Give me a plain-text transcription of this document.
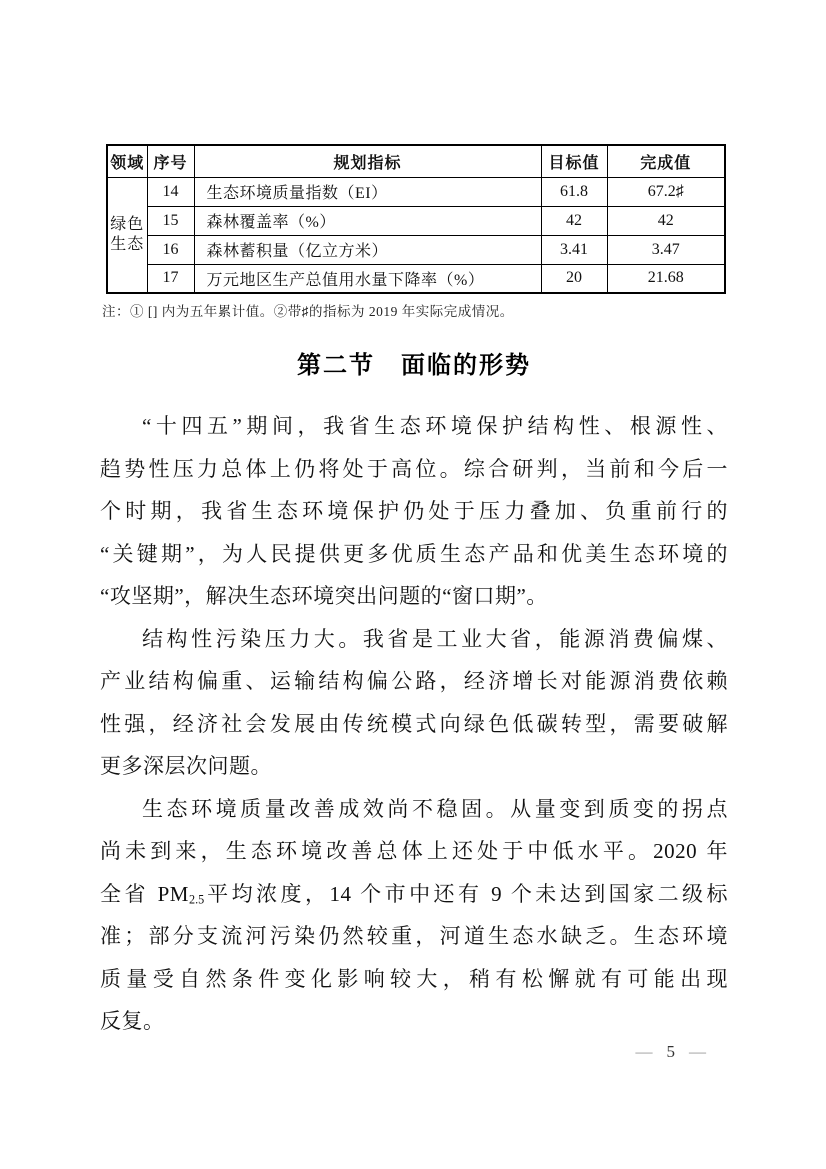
领域	序号	规划指标	目标值	完成值

绿色
生态	14	生态环境质量指数（EI）	61.8	67.2♯
	15	森林覆盖率（%）	42	42
	16	森林蓄积量（亿立方米）	3.41	3.47
	17	万元地区生产总值用水量下降率（%）	20	21.68
注：① [] 内为五年累计值。②带♯的指标为 2019 年实际完成情况。
第二节　面临的形势
“十四五”期间，我省生态环境保护结构性、根源性、
趋势性压力总体上仍将处于高位。综合研判，当前和今后一
个时期，我省生态环境保护仍处于压力叠加、负重前行的
“关键期”，为人民提供更多优质生态产品和优美生态环境的
“攻坚期”，解决生态环境突出问题的“窗口期”。
结构性污染压力大。我省是工业大省，能源消费偏煤、
产业结构偏重、运输结构偏公路，经济增长对能源消费依赖
性强，经济社会发展由传统模式向绿色低碳转型，需要破解
更多深层次问题。
生态环境质量改善成效尚不稳固。从量变到质变的拐点
尚未到来，生态环境改善总体上还处于中低水平。2020 年
全省 $PM_{2.5}$平均浓度，14 个市中还有 9 个未达到国家二级标
准；部分支流河污染仍然较重，河道生态水缺乏。生态环境
质量受自然条件变化影响较大，稍有松懈就有可能出现
反复。
— 5 —
